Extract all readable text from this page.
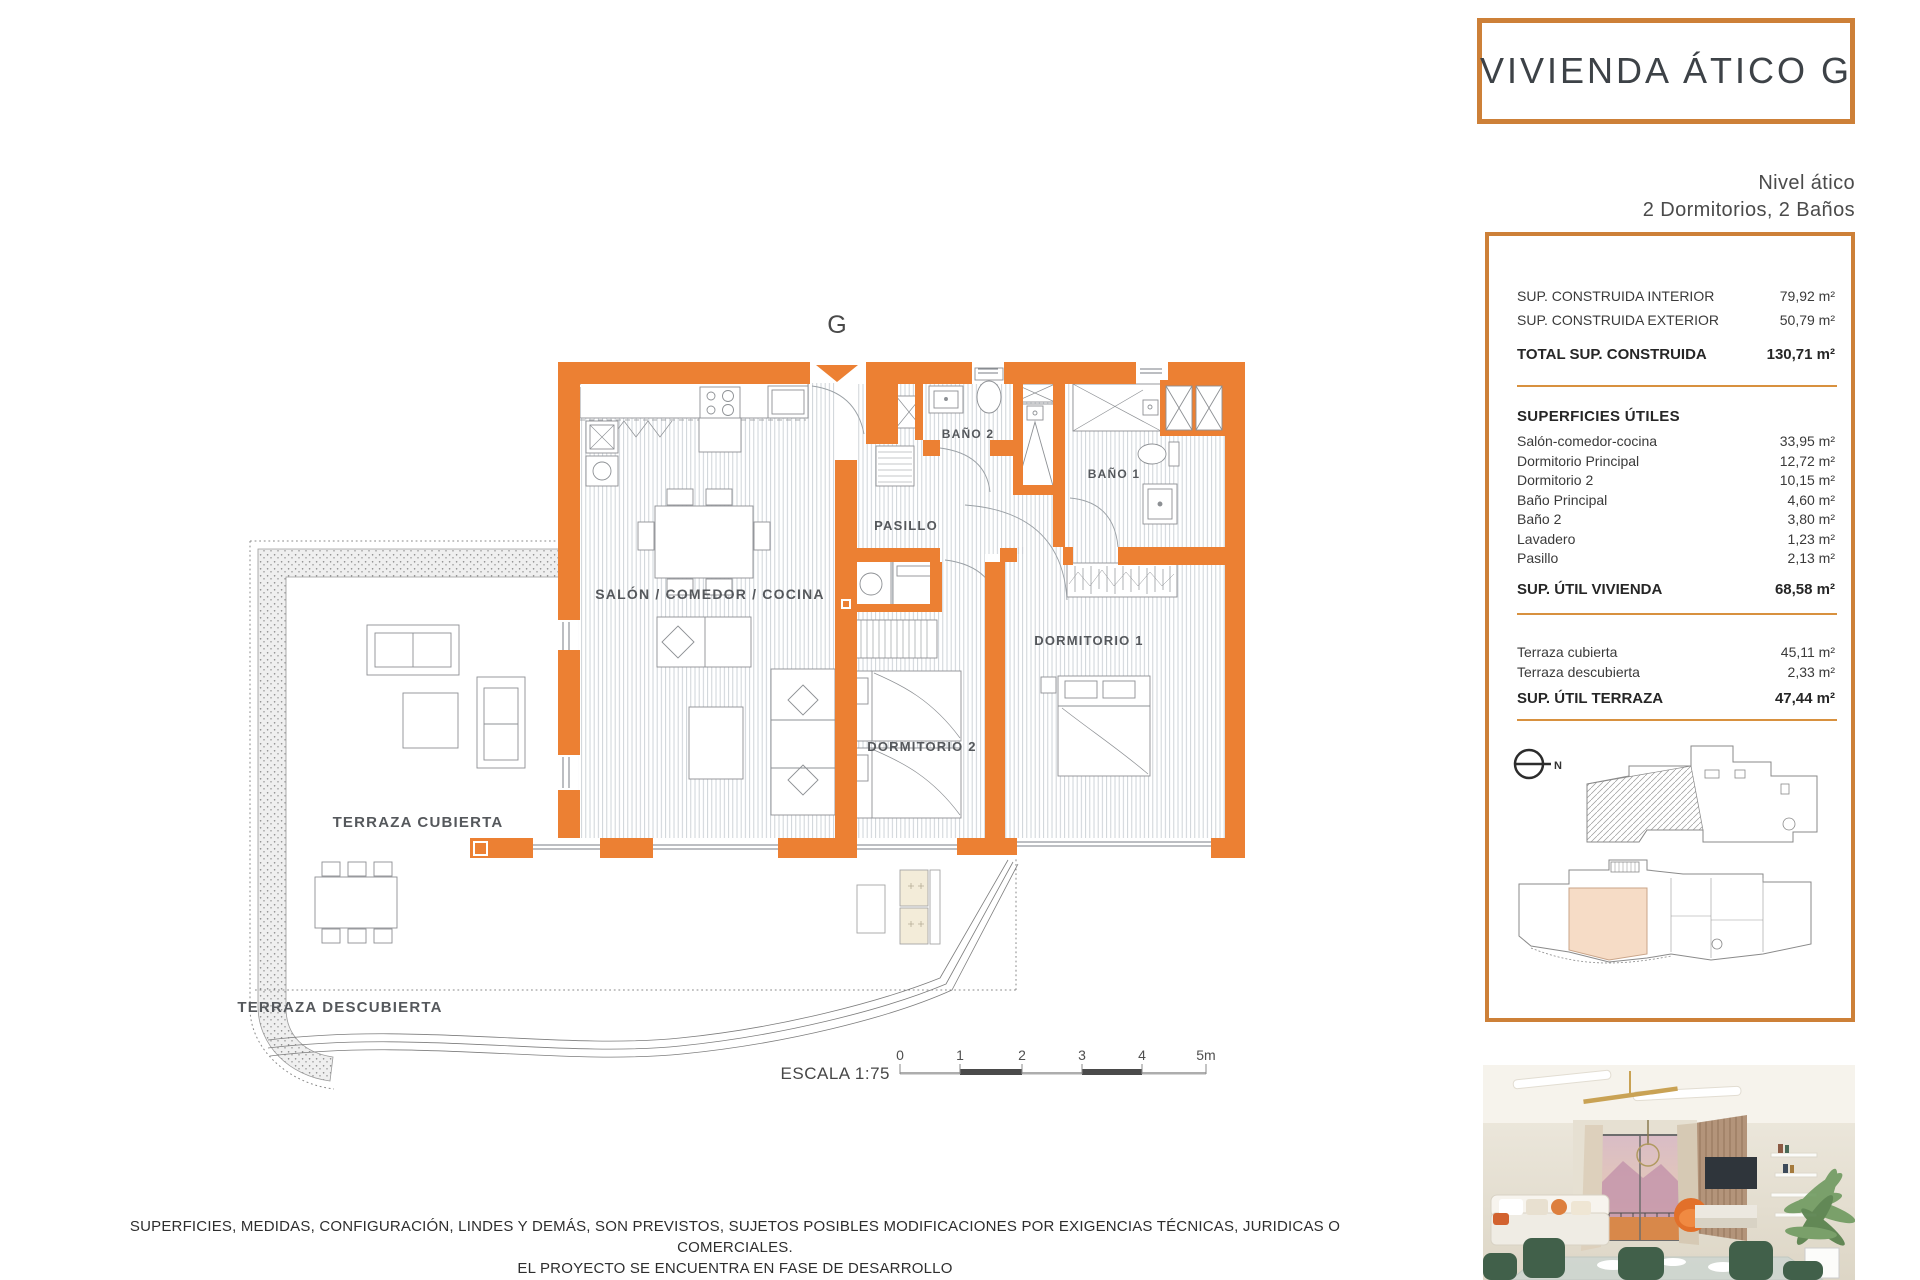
TERRAZA CUBIERTA
TERRAZA DESCUBIERTA
G
SALÓN / COMEDOR / COCINA
PASILLO
BAÑO 2
BAÑO 1
DORMITORIO 1
DORMITORIO 2
ESCALA 1:75
0	1	2	3	4	5m
VIVIENDA ÁTICO G
Nivel ático
2 Dormitorios, 2 Baños
SUP. CONSTRUIDA INTERIOR	79,92 m²
SUP. CONSTRUIDA EXTERIOR	50,79 m²
TOTAL SUP. CONSTRUIDA	130,71 m²
SUPERFICIES ÚTILES
Salón-comedor-cocina	33,95 m²
Dormitorio Principal	12,72 m²
Dormitorio 2	10,15 m²
Baño Principal	4,60 m²
Baño 2	3,80 m²
Lavadero	1,23 m²
Pasillo	2,13 m²
SUP. ÚTIL VIVIENDA	68,58 m²
Terraza cubierta	45,11 m²
Terraza descubierta	2,33 m²
SUP. ÚTIL TERRAZA	47,44 m²
N
SUPERFICIES, MEDIDAS, CONFIGURACIÓN, LINDES Y DEMÁS, SON PREVISTOS, SUJETOS POSIBLES MODIFICACIONES POR EXIGENCIAS TÉCNICAS, JURIDICAS O COMERCIALES.
EL PROYECTO SE ENCUENTRA EN FASE DE DESARROLLO
